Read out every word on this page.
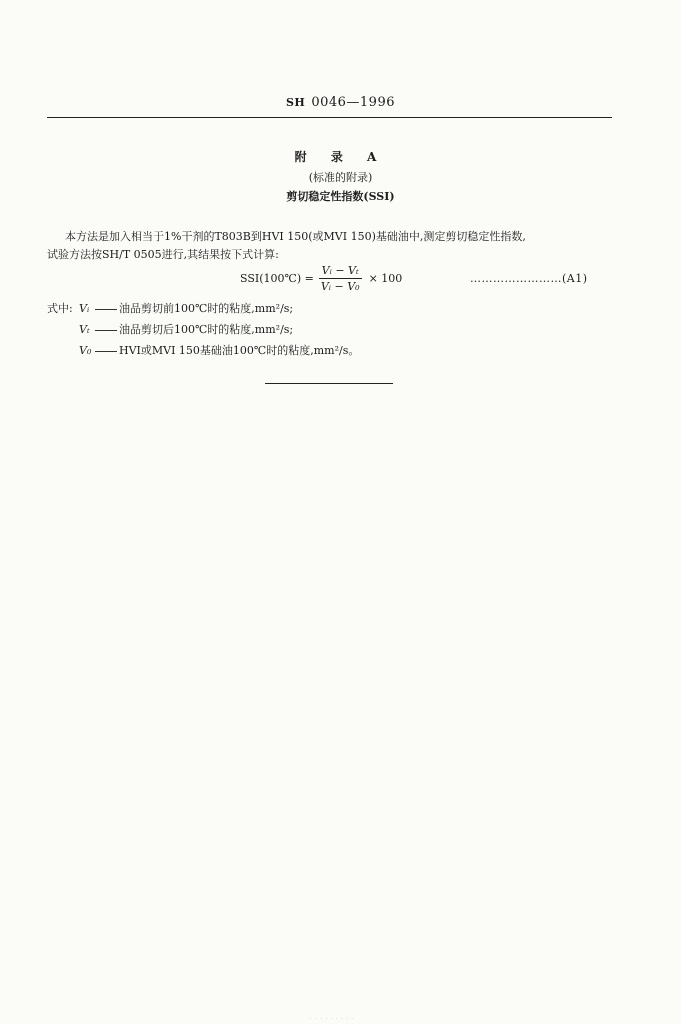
SH 0046—1996
附 录 A
(标准的附录)
剪切稳定性指数(SSI)
本方法是加入相当于1%干剂的T803B到HVI 150(或MVI 150)基础油中,测定剪切稳定性指数,
试验方法按SH/T 0505进行,其结果按下式计算:
SSI(100℃) = $\frac{\text{Vᵢ − Vₜ}}{\text{Vᵢ − V₀}} \times 100$	……………………(A1)
式中: Vᵢ	油品剪切前100℃时的粘度,mm²/s;
Vₜ	油品剪切后100℃时的粘度,mm²/s;
V₀	HVI或MVI 150基础油100℃时的粘度,mm²/s。
· · · · · · · · ·
